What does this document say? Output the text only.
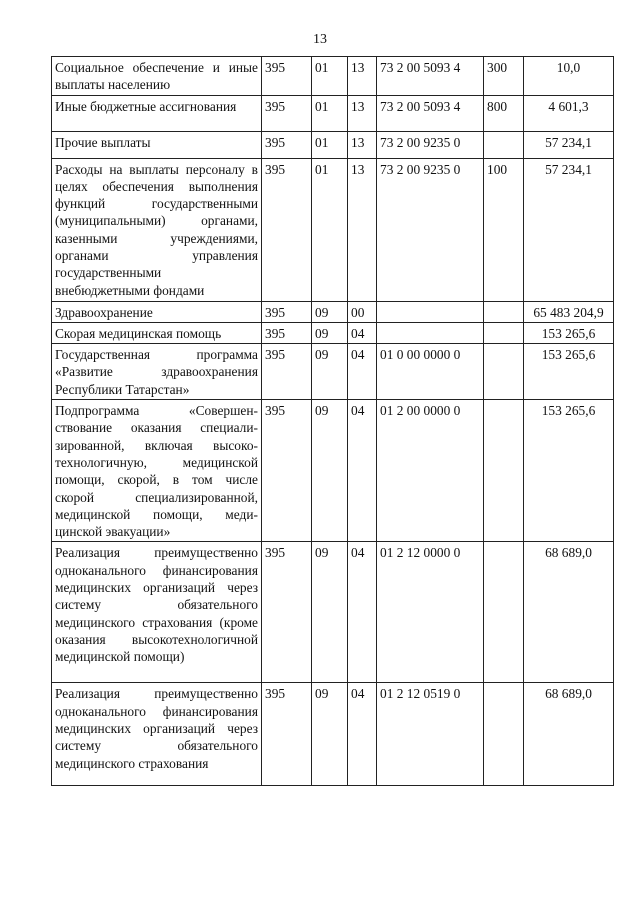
13
Социальное обеспечение и иные выплаты населению	395	01	13	73 2 00 5093 4	300	10,0
Иные бюджетные ассигнования	395	01	13	73 2 00 5093 4	800	4 601,3
Прочие выплаты	395	01	13	73 2 00 9235 0		57 234,1
Расходы на выплаты персоналу в целях обеспечения выполнения функций государственными (муниципальными) органами, казенными учреждениями, органами управления государственными внебюджетными фондами	395	01	13	73 2 00 9235 0	100	57 234,1
Здравоохранение	395	09	00			65 483 204,9
Скорая медицинская помощь	395	09	04			153 265,6
Государственная программа «Развитие здравоохранения Республики Татарстан»	395	09	04	01 0 00 0000 0		153 265,6
Подпрограмма «Совершенствование оказания специализированной, включая высокотехнологичную, медицинской помощи, скорой, в том числе скорой специализированной, медицинской помощи, медицинской эвакуации»	395	09	04	01 2 00 0000 0		153 265,6
Реализация преимущественно одноканального финансирования медицинских организаций через систему обязательного медицинского страхования (кроме оказания высокотехнологичной медицинской помощи)	395	09	04	01 2 12 0000 0		68 689,0
Реализация преимущественно одноканального финансирования медицинских организаций через систему обязательного медицинского страхования	395	09	04	01 2 12 0519 0		68 689,0
